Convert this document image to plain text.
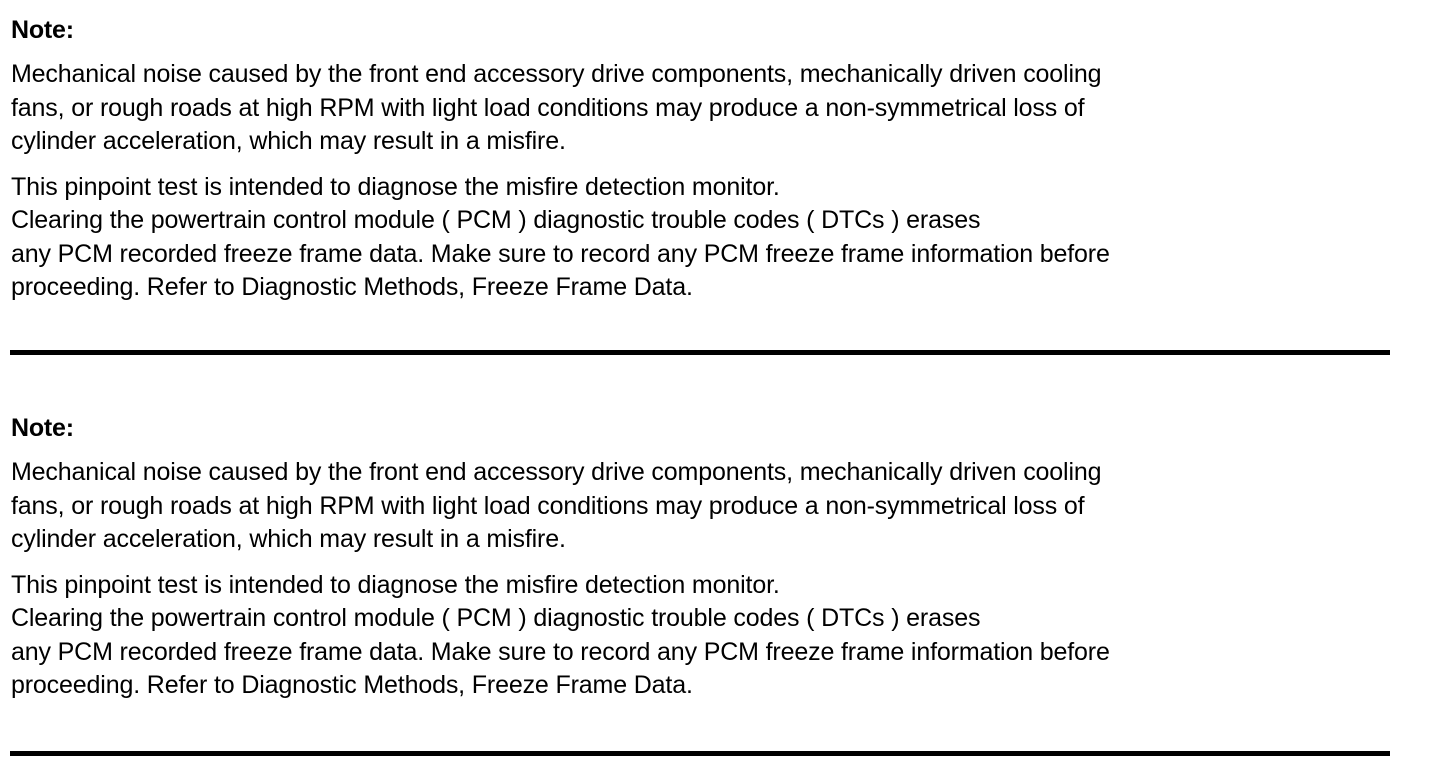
Note:

Mechanical noise caused by the front end accessory drive components, mechanically driven cooling

fans, or rough roads at high RPM with light load conditions may produce a non-symmetrical loss of

cylinder acceleration, which may result in a misfire.

This pinpoint test is intended to diagnose the misfire detection monitor.

Clearing the powertrain control module ( PCM ) diagnostic trouble codes ( DTCs ) erases

any PCM recorded freeze frame data. Make sure to record any PCM freeze frame information before

proceeding. Refer to Diagnostic Methods, Freeze Frame Data.

Note:

Mechanical noise caused by the front end accessory drive components, mechanically driven cooling

fans, or rough roads at high RPM with light load conditions may produce a non-symmetrical loss of

cylinder acceleration, which may result in a misfire.

This pinpoint test is intended to diagnose the misfire detection monitor.

Clearing the powertrain control module ( PCM ) diagnostic trouble codes ( DTCs ) erases

any PCM recorded freeze frame data. Make sure to record any PCM freeze frame information before

proceeding. Refer to Diagnostic Methods, Freeze Frame Data.
